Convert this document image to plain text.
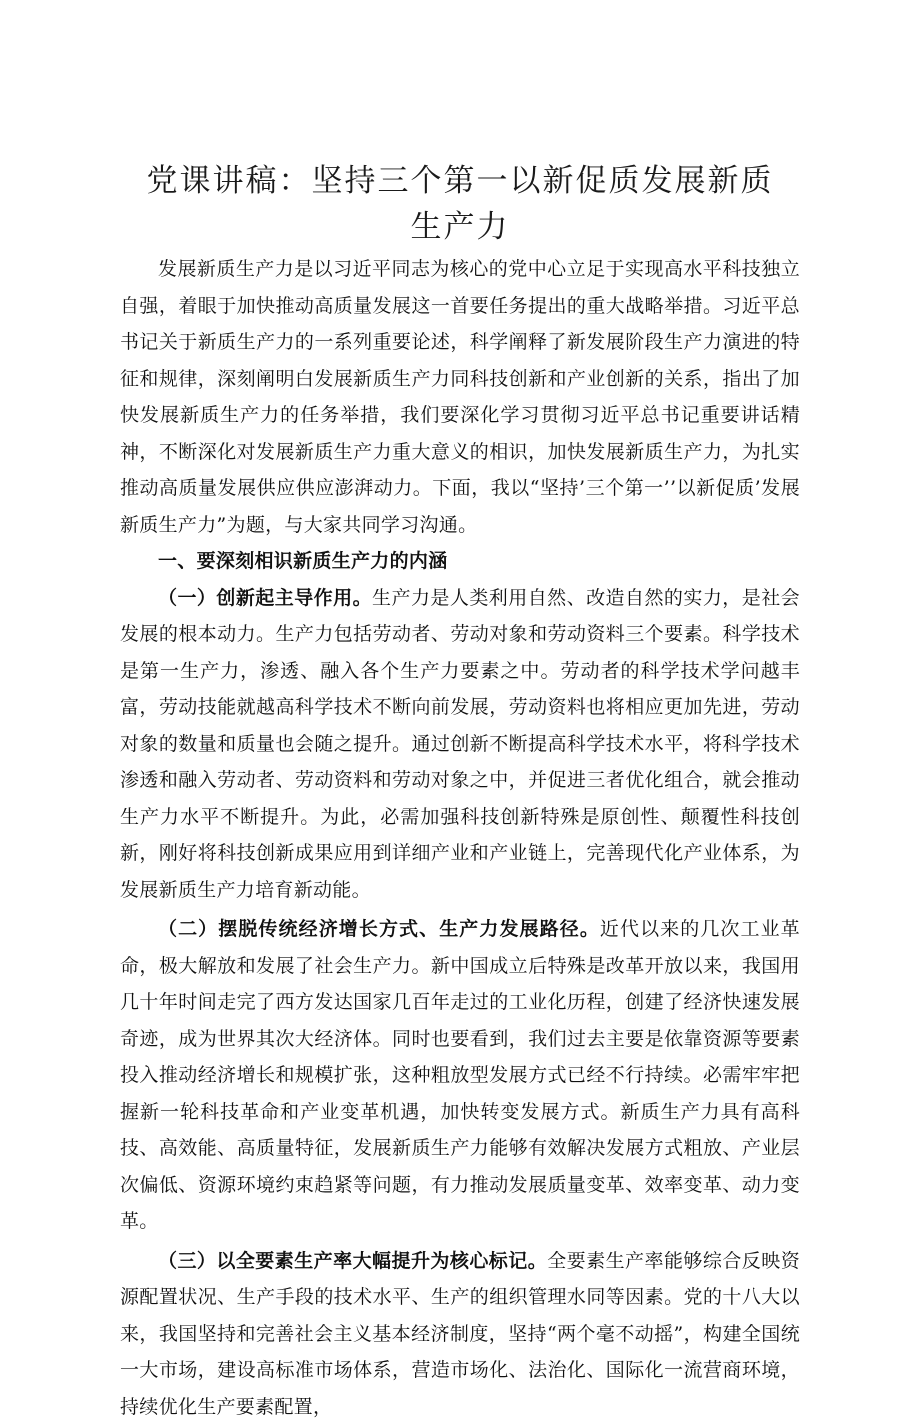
党课讲稿：坚持三个第一以新促质发展新质
生产力

发展新质生产力是以习近平同志为核心的党中心立足于实现高水平科技独立自强，着眼于加快推动高质量发展这一首要任务提出的重大战略举措。习近平总书记关于新质生产力的一系列重要论述，科学阐释了新发展阶段生产力演进的特征和规律，深刻阐明白发展新质生产力同科技创新和产业创新的关系，指出了加快发展新质生产力的任务举措，我们要深化学习贯彻习近平总书记重要讲话精神，不断深化对发展新质生产力重大意义的相识，加快发展新质生产力，为扎实推动高质量发展供应供应澎湃动力。下面，我以“坚持’三个第一’’以新促质’发展新质生产力”为题，与大家共同学习沟通。

一、要深刻相识新质生产力的内涵

（一）创新起主导作用。生产力是人类利用自然、改造自然的实力，是社会发展的根本动力。生产力包括劳动者、劳动对象和劳动资料三个要素。科学技术是第一生产力，渗透、融入各个生产力要素之中。劳动者的科学技术学问越丰富，劳动技能就越高科学技术不断向前发展，劳动资料也将相应更加先进，劳动对象的数量和质量也会随之提升。通过创新不断提高科学技术水平，将科学技术渗透和融入劳动者、劳动资料和劳动对象之中，并促进三者优化组合，就会推动生产力水平不断提升。为此，必需加强科技创新特殊是原创性、颠覆性科技创新，刚好将科技创新成果应用到详细产业和产业链上，完善现代化产业体系，为发展新质生产力培育新动能。

（二）摆脱传统经济增长方式、生产力发展路径。近代以来的几次工业革命，极大解放和发展了社会生产力。新中国成立后特殊是改革开放以来，我国用几十年时间走完了西方发达国家几百年走过的工业化历程，创建了经济快速发展奇迹，成为世界其次大经济体。同时也要看到，我们过去主要是依靠资源等要素投入推动经济增长和规模扩张，这种粗放型发展方式已经不行持续。必需牢牢把握新一轮科技革命和产业变革机遇，加快转变发展方式。新质生产力具有高科技、高效能、高质量特征，发展新质生产力能够有效解决发展方式粗放、产业层次偏低、资源环境约束趋紧等问题，有力推动发展质量变革、效率变革、动力变革。

（三）以全要素生产率大幅提升为核心标记。全要素生产率能够综合反映资源配置状况、生产手段的技术水平、生产的组织管理水同等因素。党的十八大以来，我国坚持和完善社会主义基本经济制度，坚持“两个毫不动摇”，构建全国统一大市场，建设高标准市场体系，营造市场化、法治化、国际化一流营商环境，持续优化生产要素配置，
